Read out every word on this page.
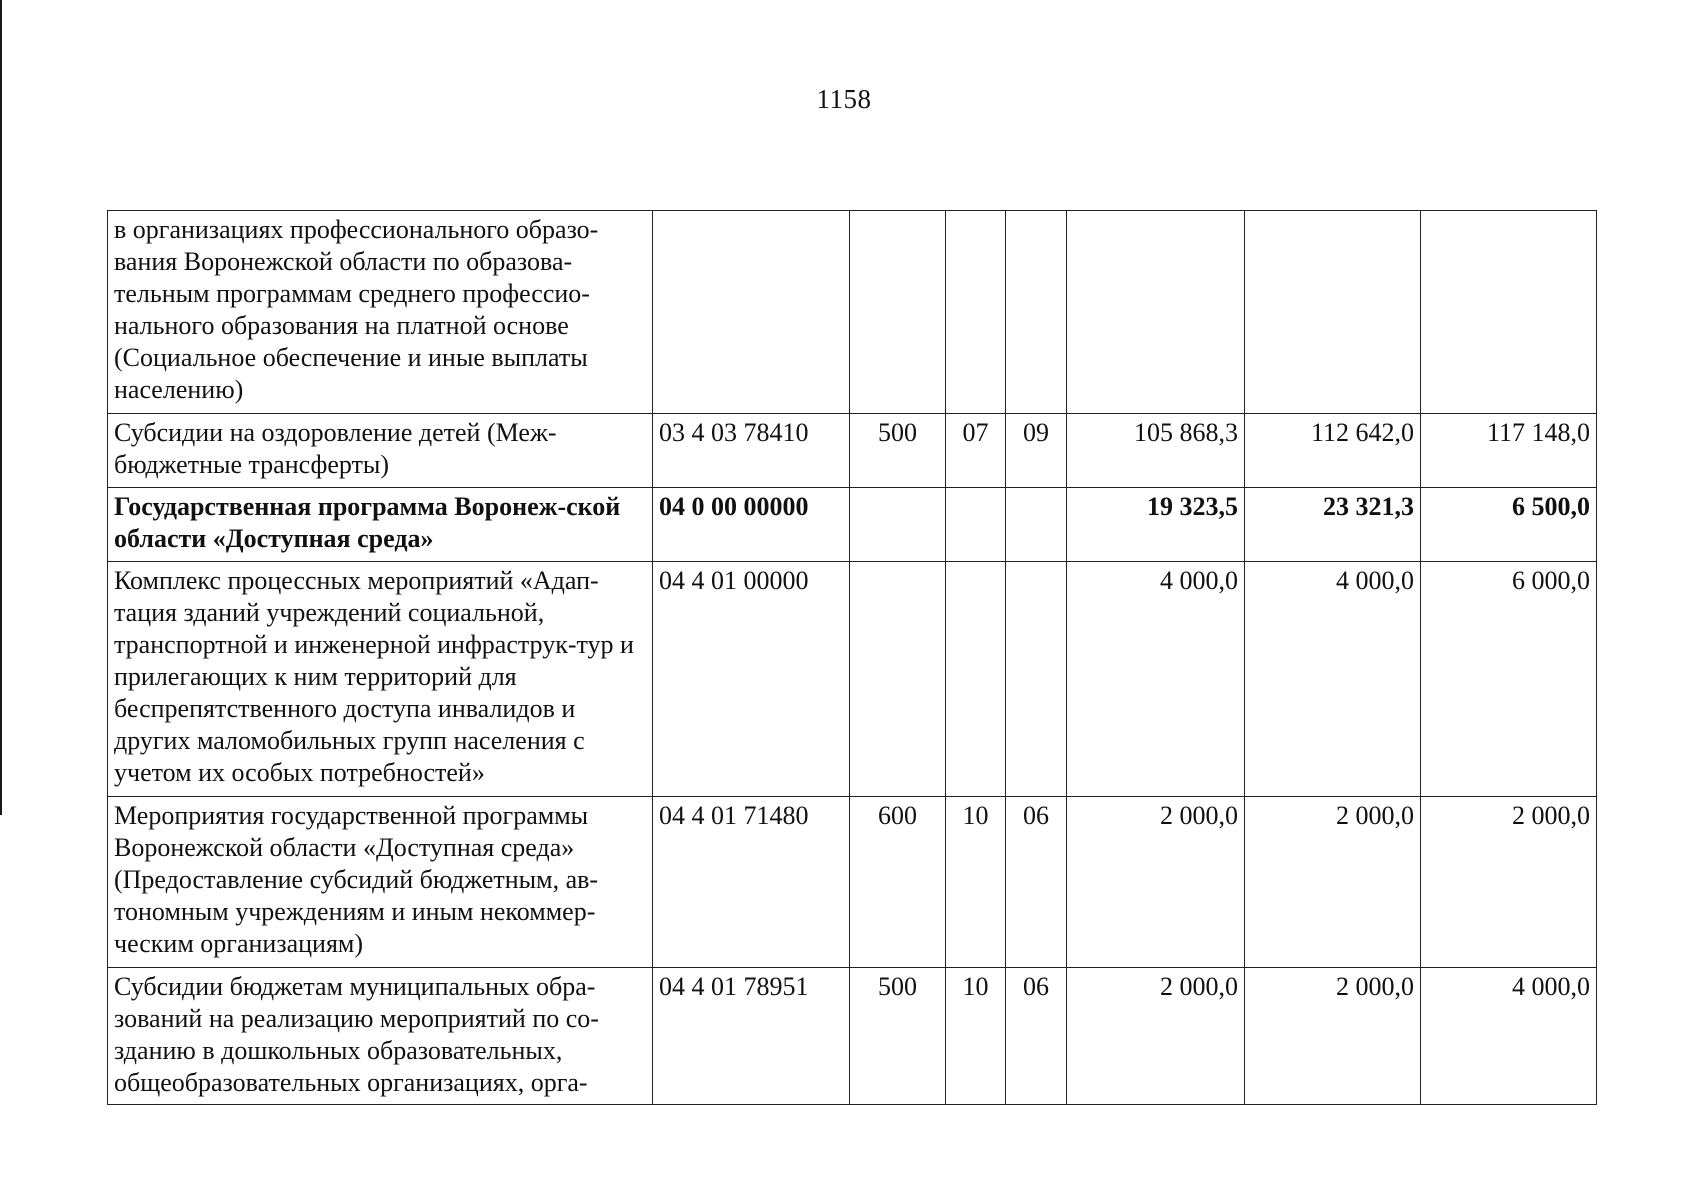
1158
в организациях профессионального образо-вания Воронежской области по образова-тельным программам среднего профессио-нального образования на платной основе (Социальное обеспечение и иные выплаты населению)							
Субсидии на оздоровление детей (Меж-бюджетные трансферты)	03 4 03 78410	500	07	09	105 868,3	112 642,0	117 148,0
Государственная программа Воронеж-ской области «Доступная среда»	04 0 00 00000				19 323,5	23 321,3	6 500,0
Комплекс процессных мероприятий «Адап-тация зданий учреждений социальной, транспортной и инженерной инфраструк-тур и прилегающих к ним территорий для беспрепятственного доступа инвалидов и других маломобильных групп населения с учетом их особых потребностей»	04 4 01 00000				4 000,0	4 000,0	6 000,0
Мероприятия государственной программы Воронежской области «Доступная среда» (Предоставление субсидий бюджетным, ав-тономным учреждениям и иным некоммер-ческим организациям)	04 4 01 71480	600	10	06	2 000,0	2 000,0	2 000,0
Субсидии бюджетам муниципальных обра-зований на реализацию мероприятий по со-зданию в дошкольных образовательных, общеобразовательных организациях, орга-	04 4 01 78951	500	10	06	2 000,0	2 000,0	4 000,0
